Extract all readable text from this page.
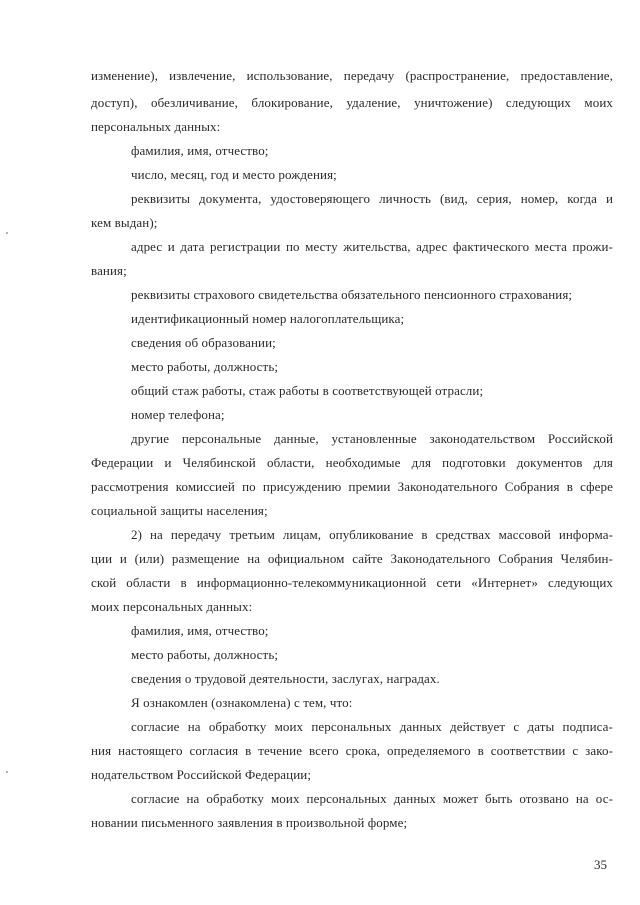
изменение), извлечение, использование, передачу (распространение, предоставление,
доступ), обезличивание, блокирование, удаление, уничтожение) следующих моих
персональных данных:
фамилия, имя, отчество;
число, месяц, год и место рождения;
реквизиты документа, удостоверяющего личность (вид, серия, номер, когда и
кем выдан);
адрес и дата регистрации по месту жительства, адрес фактического места прожи-
вания;
реквизиты страхового свидетельства обязательного пенсионного страхования;
идентификационный номер налогоплательщика;
сведения об образовании;
место работы, должность;
общий стаж работы, стаж работы в соответствующей отрасли;
номер телефона;
другие персональные данные, установленные законодательством Российской
Федерации и Челябинской области, необходимые для подготовки документов для
рассмотрения комиссией по присуждению премии Законодательного Собрания в сфере
социальной защиты населения;
2) на передачу третьим лицам, опубликование в средствах массовой информа-
ции и (или) размещение на официальном сайте Законодательного Собрания Челябин-
ской области в информационно-телекоммуникационной сети «Интернет» следующих
моих персональных данных:
фамилия, имя, отчество;
место работы, должность;
сведения о трудовой деятельности, заслугах, наградах.
Я ознакомлен (ознакомлена) с тем, что:
согласие на обработку моих персональных данных действует с даты подписа-
ния настоящего согласия в течение всего срока, определяемого в соответствии с зако-
нодательством Российской Федерации;
согласие на обработку моих персональных данных может быть отозвано на ос-
новании письменного заявления в произвольной форме;
35
